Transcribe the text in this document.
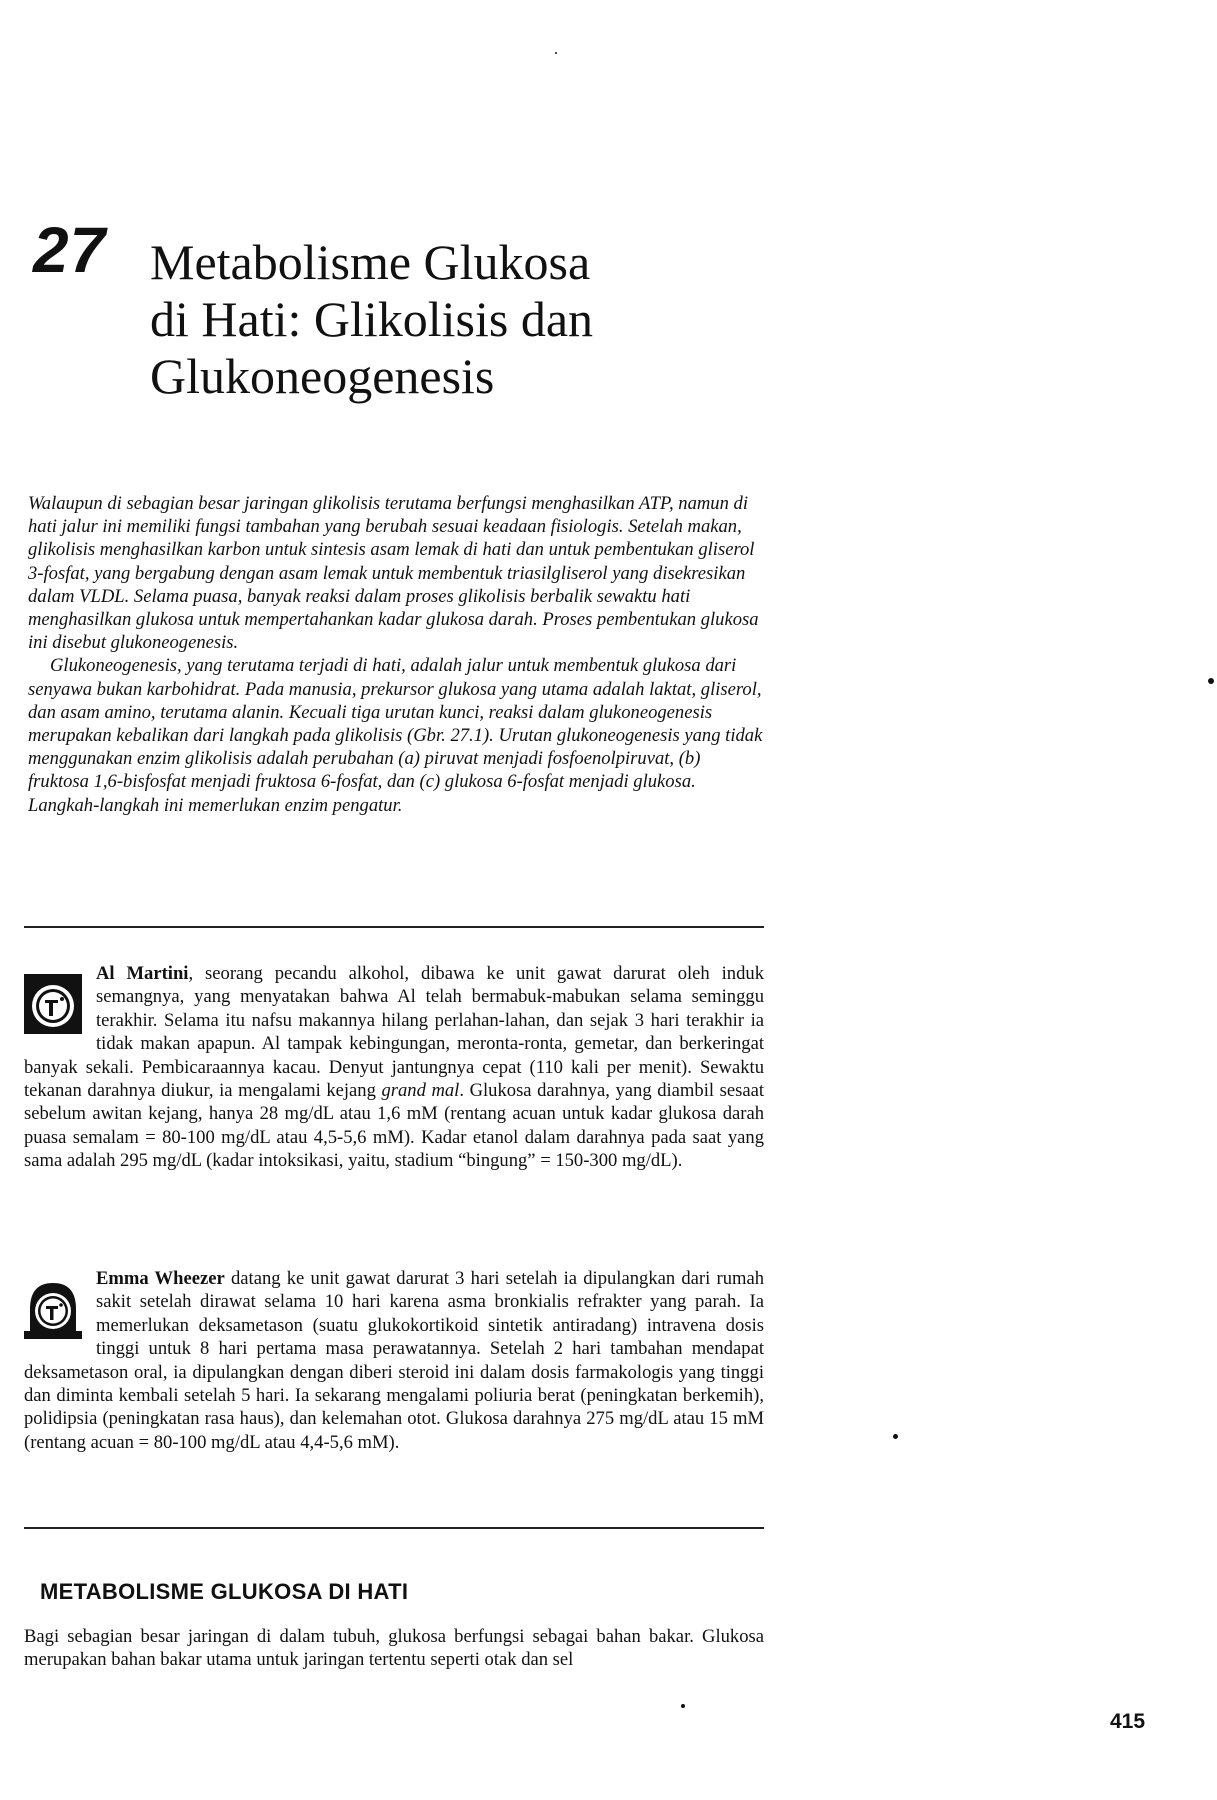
27 Metabolisme Glukosa
di Hati: Glikolisis dan
Glukoneogenesis

Walaupun di sebagian besar jaringan glikolisis terutama berfungsi menghasilkan ATP, namun di hati jalur ini memiliki fungsi tambahan yang berubah sesuai keadaan fisiologis. Setelah makan, glikolisis menghasilkan karbon untuk sintesis asam lemak di hati dan untuk pembentukan gliserol 3-fosfat, yang bergabung dengan asam lemak untuk membentuk triasilgliserol yang disekresikan dalam VLDL. Selama puasa, banyak reaksi dalam proses glikolisis berbalik sewaktu hati menghasilkan glukosa untuk mempertahankan kadar glukosa darah. Proses pembentukan glukosa ini disebut glukoneogenesis.

Glukoneogenesis, yang terutama terjadi di hati, adalah jalur untuk membentuk glukosa dari senyawa bukan karbohidrat. Pada manusia, prekursor glukosa yang utama adalah laktat, gliserol, dan asam amino, terutama alanin. Kecuali tiga urutan kunci, reaksi dalam glukoneogenesis merupakan kebalikan dari langkah pada glikolisis (Gbr. 27.1). Urutan glukoneogenesis yang tidak menggunakan enzim glikolisis adalah perubahan (a) piruvat menjadi fosfoenolpiruvat, (b) fruktosa 1,6-bisfosfat menjadi fruktosa 6-fosfat, dan (c) glukosa 6-fosfat menjadi glukosa. Langkah-langkah ini memerlukan enzim pengatur.

Al Martini, seorang pecandu alkohol, dibawa ke unit gawat darurat oleh induk semangnya, yang menyatakan bahwa Al telah bermabuk-mabukan selama seminggu terakhir. Selama itu nafsu makannya hilang perlahan-lahan, dan sejak 3 hari terakhir ia tidak makan apapun. Al tampak kebingungan, meronta-ronta, gemetar, dan berkeringat banyak sekali. Pembicaraannya kacau. Denyut jantungnya cepat (110 kali per menit). Sewaktu tekanan darahnya diukur, ia mengalami kejang grand mal. Glukosa darahnya, yang diambil sesaat sebelum awitan kejang, hanya 28 mg/dL atau 1,6 mM (rentang acuan untuk kadar glukosa darah puasa semalam = 80-100 mg/dL atau 4,5-5,6 mM). Kadar etanol dalam darahnya pada saat yang sama adalah 295 mg/dL (kadar intoksikasi, yaitu, stadium “bingung” = 150-300 mg/dL).

Emma Wheezer datang ke unit gawat darurat 3 hari setelah ia dipulangkan dari rumah sakit setelah dirawat selama 10 hari karena asma bronkialis refrakter yang parah. Ia memerlukan deksametason (suatu glukokortikoid sintetik antiradang) intravena dosis tinggi untuk 8 hari pertama masa perawatannya. Setelah 2 hari tambahan mendapat deksametason oral, ia dipulangkan dengan diberi steroid ini dalam dosis farmakologis yang tinggi dan diminta kembali setelah 5 hari. Ia sekarang mengalami poliuria berat (peningkatan berkemih), polidipsia (peningkatan rasa haus), dan kelemahan otot. Glukosa darahnya 275 mg/dL atau 15 mM (rentang acuan = 80-100 mg/dL atau 4,4-5,6 mM).

METABOLISME GLUKOSA DI HATI

Bagi sebagian besar jaringan di dalam tubuh, glukosa berfungsi sebagai bahan bakar. Glukosa merupakan bahan bakar utama untuk jaringan tertentu seperti otak dan sel

415
